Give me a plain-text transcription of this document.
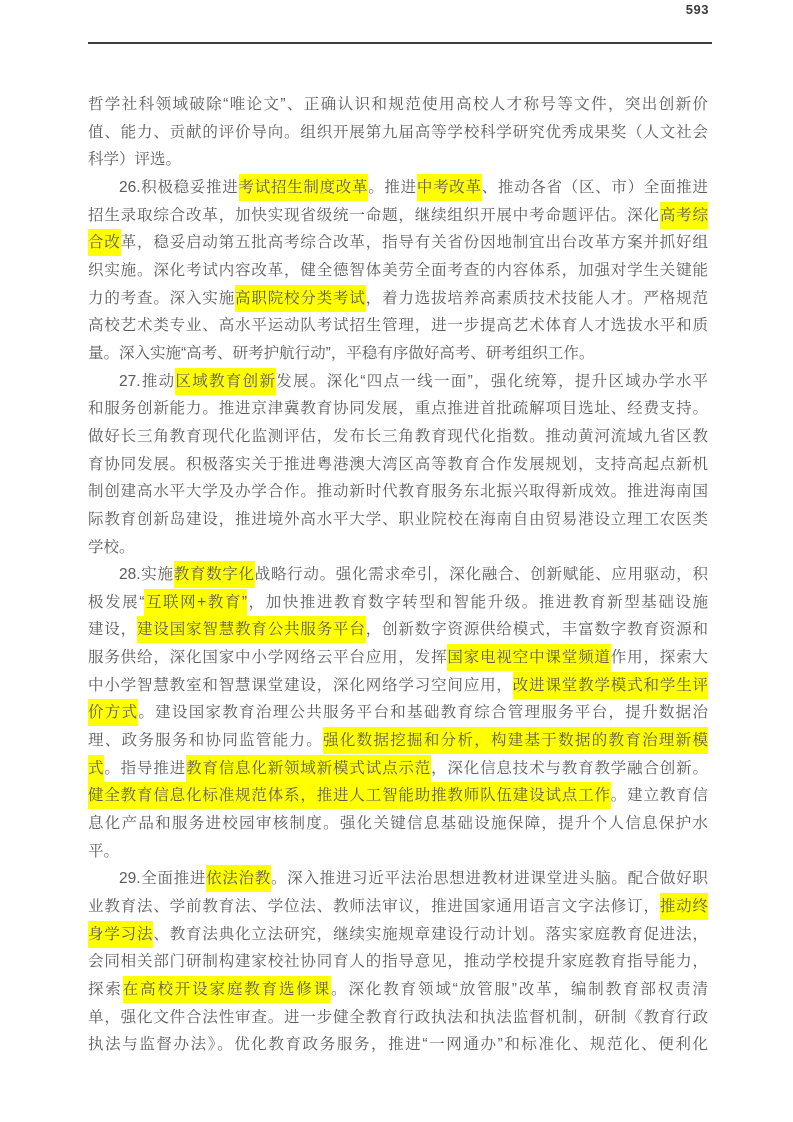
593
哲学社科领域破除“唯论文”、正确认识和规范使用高校人才称号等文件，突出创新价
值、能力、贡献的评价导向。组织开展第九届高等学校科学研究优秀成果奖（人文社会
科学）评选。
26.积极稳妥推进考试招生制度改革。推进中考改革、推动各省（区、市）全面推进
招生录取综合改革，加快实现省级统一命题，继续组织开展中考命题评估。深化高考综
合改革，稳妥启动第五批高考综合改革，指导有关省份因地制宜出台改革方案并抓好组
织实施。深化考试内容改革，健全德智体美劳全面考查的内容体系，加强对学生关键能
力的考查。深入实施高职院校分类考试，着力选拔培养高素质技术技能人才。严格规范
高校艺术类专业、高水平运动队考试招生管理，进一步提高艺术体育人才选拔水平和质
量。深入实施“高考、研考护航行动”，平稳有序做好高考、研考组织工作。
27.推动区域教育创新发展。深化“四点一线一面”，强化统筹，提升区域办学水平
和服务创新能力。推进京津冀教育协同发展，重点推进首批疏解项目选址、经费支持。
做好长三角教育现代化监测评估，发布长三角教育现代化指数。推动黄河流域九省区教
育协同发展。积极落实关于推进粤港澳大湾区高等教育合作发展规划，支持高起点新机
制创建高水平大学及办学合作。推动新时代教育服务东北振兴取得新成效。推进海南国
际教育创新岛建设，推进境外高水平大学、职业院校在海南自由贸易港设立理工农医类
学校。
28.实施教育数字化战略行动。强化需求牵引，深化融合、创新赋能、应用驱动，积
极发展“互联网+教育”，加快推进教育数字转型和智能升级。推进教育新型基础设施
建设，建设国家智慧教育公共服务平台，创新数字资源供给模式，丰富数字教育资源和
服务供给，深化国家中小学网络云平台应用，发挥国家电视空中课堂频道作用，探索大
中小学智慧教室和智慧课堂建设，深化网络学习空间应用，改进课堂教学模式和学生评
价方式。建设国家教育治理公共服务平台和基础教育综合管理服务平台，提升数据治
理、政务服务和协同监管能力。强化数据挖掘和分析，构建基于数据的教育治理新模
式。指导推进教育信息化新领域新模式试点示范，深化信息技术与教育教学融合创新。
健全教育信息化标准规范体系，推进人工智能助推教师队伍建设试点工作。建立教育信
息化产品和服务进校园审核制度。强化关键信息基础设施保障，提升个人信息保护水
平。
29.全面推进依法治教。深入推进习近平法治思想进教材进课堂进头脑。配合做好职
业教育法、学前教育法、学位法、教师法审议，推进国家通用语言文字法修订，推动终
身学习法、教育法典化立法研究，继续实施规章建设行动计划。落实家庭教育促进法，
会同相关部门研制构建家校社协同育人的指导意见，推动学校提升家庭教育指导能力，
探索在高校开设家庭教育选修课。深化教育领域“放管服”改革，编制教育部权责清
单，强化文件合法性审查。进一步健全教育行政执法和执法监督机制，研制《教育行政
执法与监督办法》。优化教育政务服务，推进“一网通办”和标准化、规范化、便利化
